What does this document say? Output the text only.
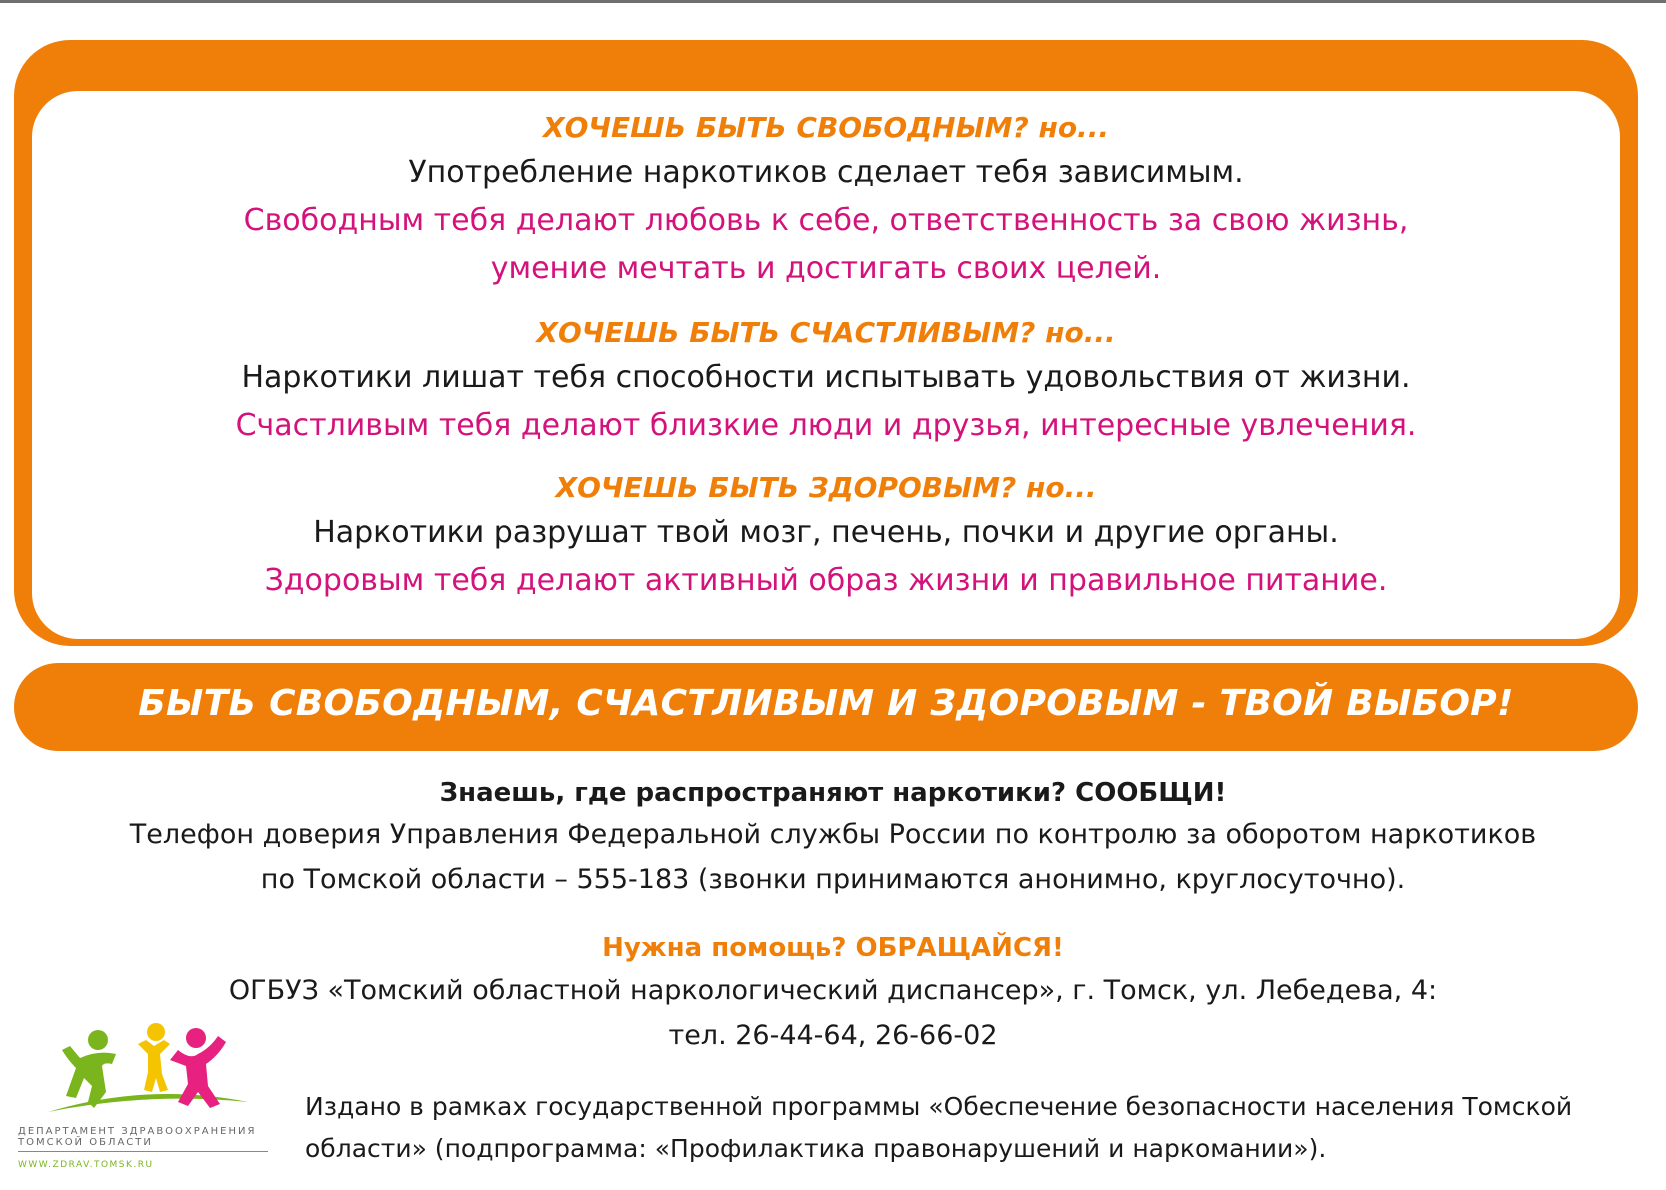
ХОЧЕШЬ БЫТЬ СВОБОДНЫМ? но...
Употребление наркотиков сделает тебя зависимым.
Свободным тебя делают любовь к себе, ответственность за свою жизнь,
умение мечтать и достигать своих целей.
ХОЧЕШЬ БЫТЬ СЧАСТЛИВЫМ? но...
Наркотики лишат тебя способности испытывать удовольствия от жизни.
Счастливым тебя делают близкие люди и друзья, интересные увлечения.
ХОЧЕШЬ БЫТЬ ЗДОРОВЫМ? но...
Наркотики разрушат твой мозг, печень, почки и другие органы.
Здоровым тебя делают активный образ жизни и правильное питание.
БЫТЬ СВОБОДНЫМ, СЧАСТЛИВЫМ И ЗДОРОВЫМ - ТВОЙ ВЫБОР!
Знаешь, где распространяют наркотики? СООБЩИ!
Телефон доверия Управления Федеральной службы России по контролю за оборотом наркотиков
по Томской области – 555-183 (звонки принимаются анонимно, круглосуточно).
Нужна помощь? ОБРАЩАЙСЯ!
ОГБУЗ «Томский областной наркологический диспансер», г. Томск, ул. Лебедева, 4:
тел. 26-44-64, 26-66-02
ДЕПАРТАМЕНТ ЗДРАВООХРАНЕНИЯ ТОМСКОЙ ОБЛАСТИ
WWW.ZDRAV.TOMSK.RU
Издано в рамках государственной программы «Обеспечение безопасности населения Томской
области» (подпрограмма: «Профилактика правонарушений и наркомании»).
